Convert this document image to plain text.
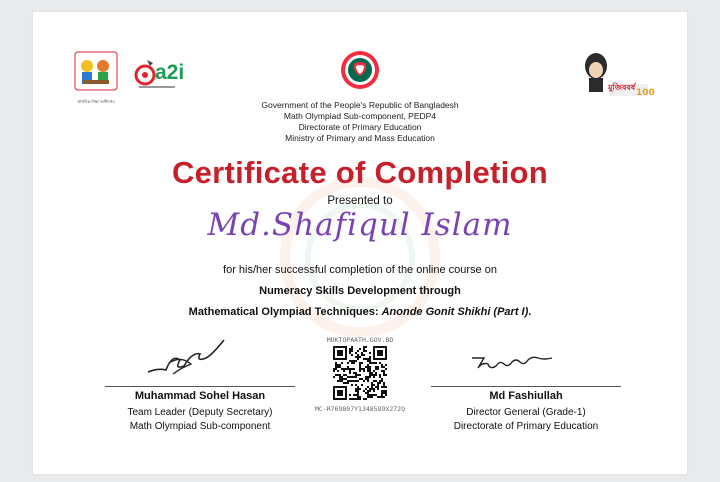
প্রাথমিক শিক্ষা অধিদপ্তর
a2i
100
মুজিববর্ষ
Government of the People's Republic of Bangladesh
Math Olympiad Sub-component, PEDP4
Directorate of Primary Education
Ministry of Primary and Mass Education
Certificate of Completion
Presented to
Md.Shafiqul Islam
for his/her successful completion of the online course on
Numeracy Skills Development through
Mathematical Olympiad Techniques: Anonde Gonit Shikhi (Part I).
Muhammad Sohel Hasan
Team Leader (Deputy Secretary)
Math Olympiad Sub-component
MUKTOPAATH.GOV.BD
MC-R769807Y1348589X272Q
Md Fashiullah
Director General (Grade-1)
Directorate of Primary Education
